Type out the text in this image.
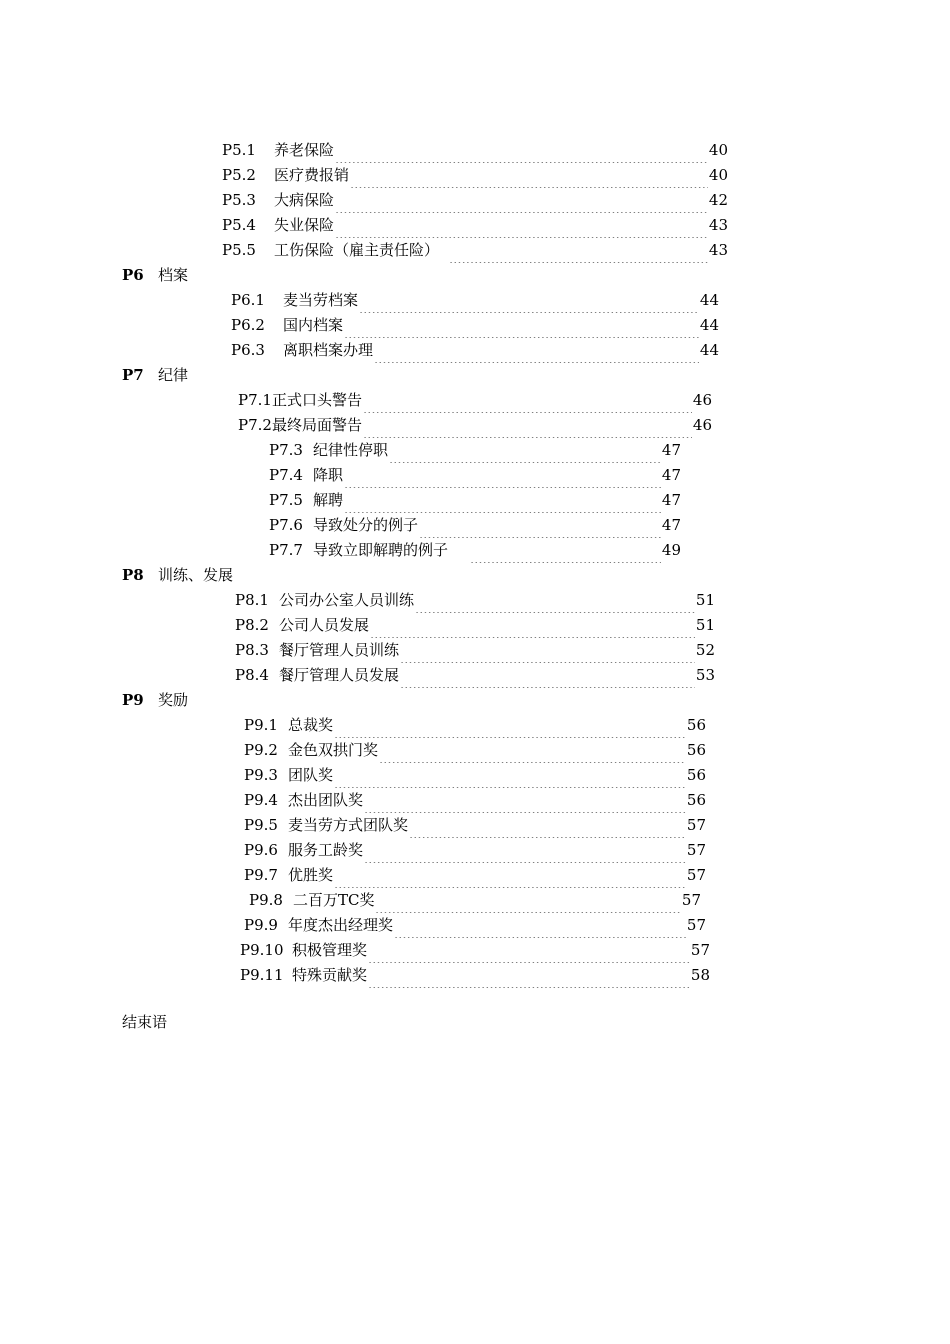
P5.1	养老保险	40
P5.2	医疗费报销	40
P5.3	大病保险	42
P5.4	失业保险	43
P5.5	工伤保险（雇主责任险）	43
P6 档案
P6.1	麦当劳档案	44
P6.2	国内档案	44
P6.3	离职档案办理	44
P7 纪律
P7.1 正式口头警告	46
P7.2 最终局面警告	46
P7.3 纪律性停职	47
P7.4 降职	47
P7.5 解聘	47
P7.6 导致处分的例子	47
P7.7 导致立即解聘的例子	49
P8 训练、发展
P8.1 公司办公室人员训练	51
P8.2 公司人员发展	51
P8.3 餐厅管理人员训练	52
P8.4 餐厅管理人员发展	53
P9 奖励
P9.1 总裁奖	56
P9.2 金色双拱门奖	56
P9.3 团队奖	56
P9.4 杰出团队奖	56
P9.5 麦当劳方式团队奖	57
P9.6 服务工龄奖	57
P9.7 优胜奖	57
P9.8 二百万TC奖	57
P9.9 年度杰出经理奖	57
P9.10 积极管理奖	57
P9.11 特殊贡献奖	58
结束语
